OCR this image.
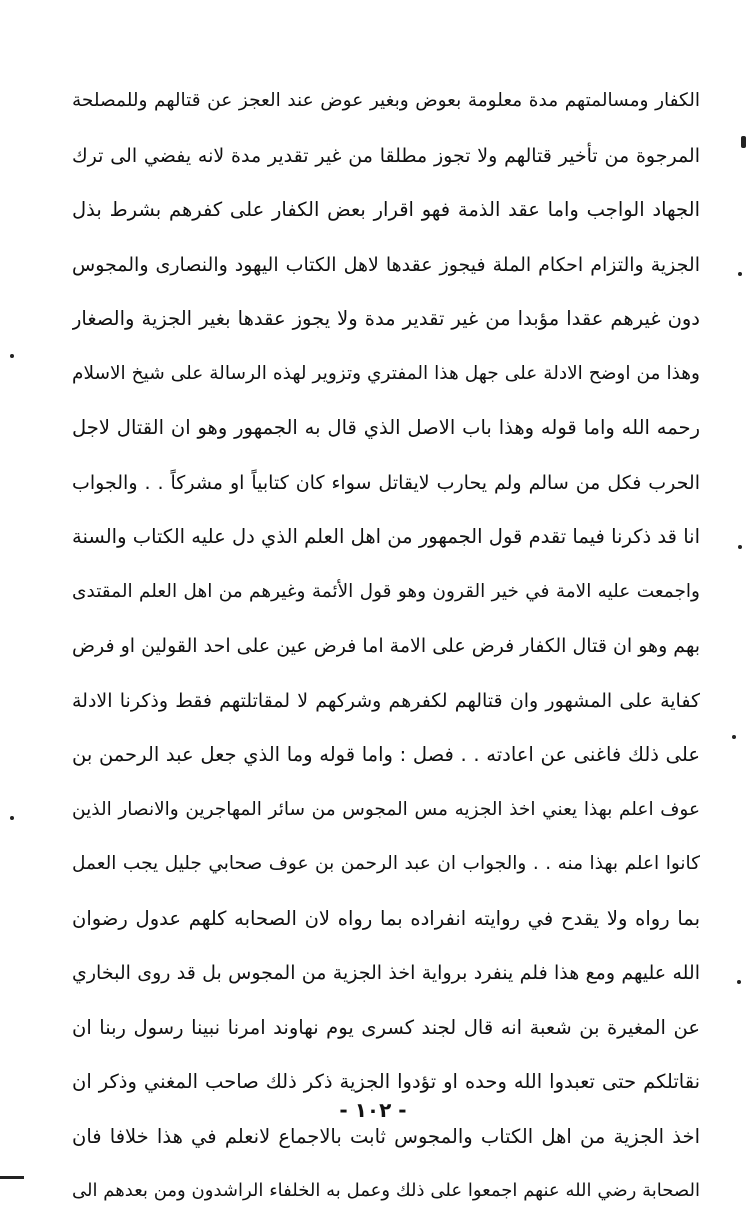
الكفار ومسالمتهم مدة معلومة بعوض وبغير عوض عند العجز عن قتالهم وللمصلحة
المرجوة من تأخير قتالهم ولا تجوز مطلقا من غير تقدير مدة لانه يفضي الى ترك
الجهاد الواجب واما عقد الذمة فهو اقرار بعض الكفار على كفرهم بشرط بذل
الجزية والتزام احكام الملة فيجوز عقدها لاهل الكتاب اليهود والنصارى والمجوس
دون غيرهم عقدا مؤبدا من غير تقدير مدة ولا يجوز عقدها بغير الجزية والصغار
وهذا من اوضح الادلة على جهل هذا المفتري وتزوير لهذه الرسالة على شيخ الاسلام
رحمه الله واما قوله وهذا باب الاصل الذي قال به الجمهور وهو ان القتال لاجل
الحرب فكل من سالم ولم يحارب لايقاتل سواء كان كتابياً او مشركاً . . والجواب
انا قد ذكرنا فيما تقدم قول الجمهور من اهل العلم الذي دل عليه الكتاب والسنة
واجمعت عليه الامة في خير القرون وهو قول الأئمة وغيرهم من اهل العلم المقتدى
بهم وهو ان قتال الكفار فرض على الامة اما فرض عين على احد القولين او فرض
كفاية على المشهور وان قتالهم لكفرهم وشركهم لا لمقاتلتهم فقط وذكرنا الادلة
على ذلك فاغنى عن اعادته . . فصل : واما قوله وما الذي جعل عبد الرحمن بن
عوف اعلم بهذا يعني اخذ الجزيه مس المجوس من سائر المهاجرين والانصار الذين
كانوا اعلم بهذا منه . . والجواب ان عبد الرحمن بن عوف صحابي جليل يجب العمل
بما رواه ولا يقدح في روايته انفراده بما رواه لان الصحابه كلهم عدول رضوان
الله عليهم ومع هذا فلم ينفرد برواية اخذ الجزية من المجوس بل قد روى البخاري
عن المغيرة بن شعبة انه قال لجند كسرى يوم نهاوند امرنا نبينا رسول ربنا ان
نقاتلكم حتى تعبدوا الله وحده او تؤدوا الجزية ذكر ذلك صاحب المغني وذكر ان
اخذ الجزية من اهل الكتاب والمجوس ثابت بالاجماع لانعلم في هذا خلافا فان
الصحابة رضي الله عنهم اجمعوا على ذلك وعمل به الخلفاء الراشدون ومن بعدهم الى
- ١٠٢ -
